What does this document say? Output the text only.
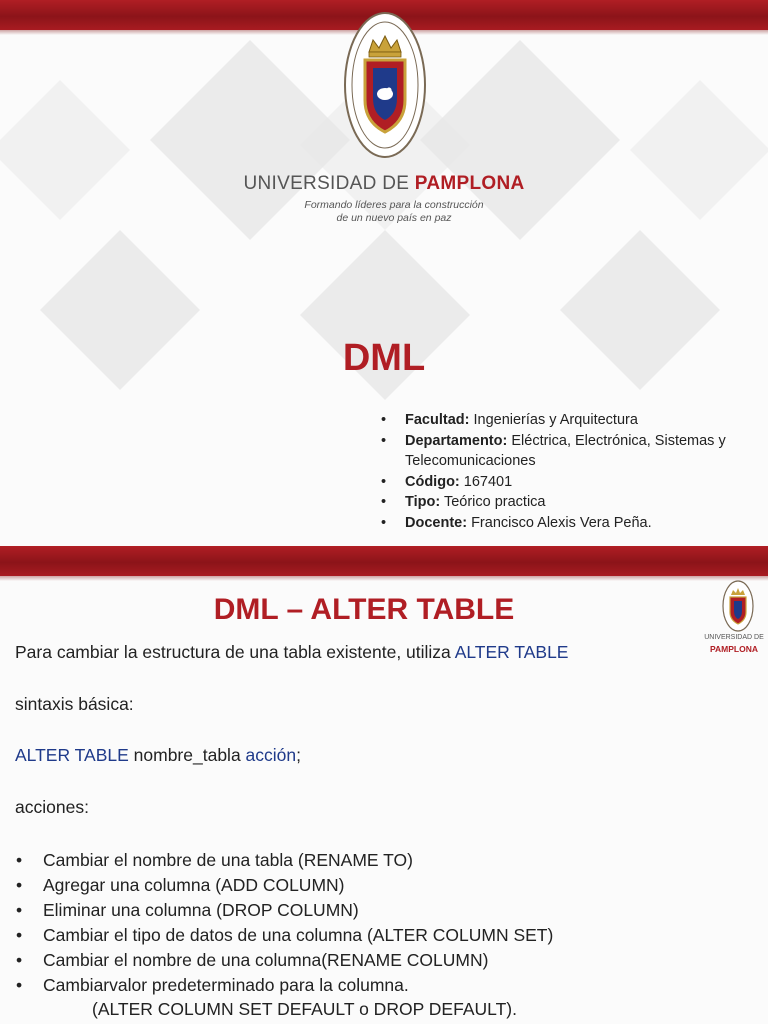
UNIVERSIDAD DE PAMPLONA
Formando líderes para la construcción
de un nuevo país en paz
DML
• Facultad: Ingenierías y Arquitectura
• Departamento: Eléctrica, Electrónica, Sistemas y Telecomunicaciones
• Código: 167401
• Tipo: Teórico practica
• Docente: Francisco Alexis Vera Peña.
DML – ALTER TABLE
UNIVERSIDAD DE
PAMPLONA
Para cambiar la estructura de una tabla existente, utiliza ALTER TABLE
sintaxis básica:
ALTER TABLE nombre_tabla acción;
acciones:
• Cambiar el nombre de una tabla (RENAME TO)
• Agregar una columna (ADD COLUMN)
• Eliminar una columna (DROP COLUMN)
• Cambiar el tipo de datos de una columna (ALTER COLUMN SET)
• Cambiar el nombre de una columna(RENAME COLUMN)
• Cambiarvalor predeterminado para la columna.
(ALTER COLUMN SET DEFAULT o DROP DEFAULT).
